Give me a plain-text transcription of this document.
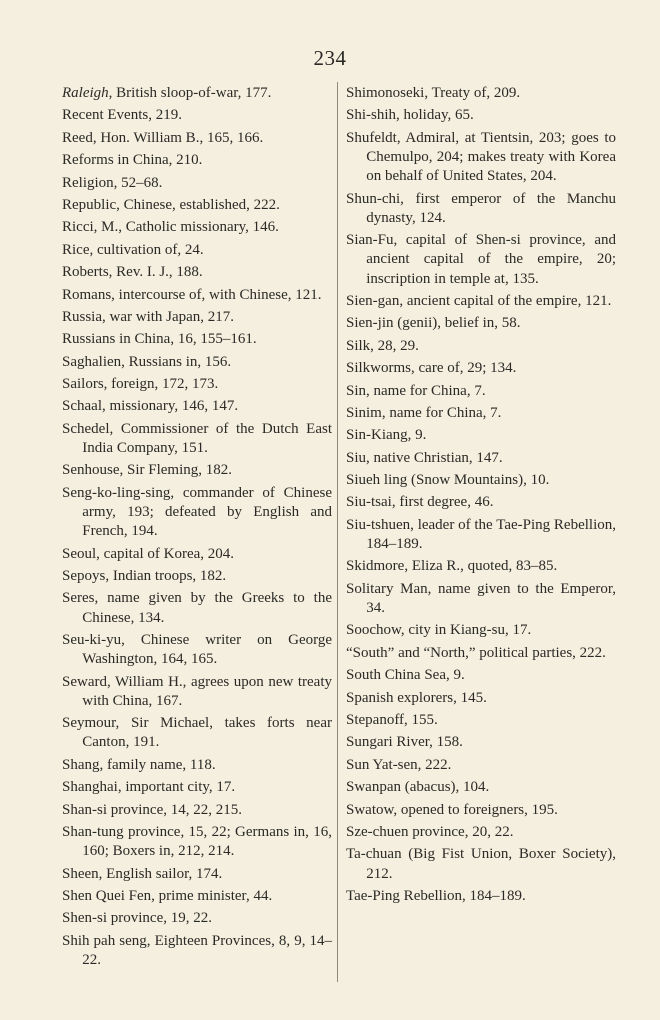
234

Raleigh, British sloop-of-war, 177.

Recent Events, 219.

Reed, Hon. William B., 165, 166.

Reforms in China, 210.

Religion, 52–68.

Republic, Chinese, established, 222.

Ricci, M., Catholic missionary, 146.

Rice, cultivation of, 24.

Roberts, Rev. I. J., 188.

Romans, intercourse of, with Chinese, 121.

Russia, war with Japan, 217.

Russians in China, 16, 155–161.

Saghalien, Russians in, 156.

Sailors, foreign, 172, 173.

Schaal, missionary, 146, 147.

Schedel, Commissioner of the Dutch East India Company, 151.

Senhouse, Sir Fleming, 182.

Seng-ko-ling-sing, commander of Chinese army, 193; defeated by English and French, 194.

Seoul, capital of Korea, 204.

Sepoys, Indian troops, 182.

Seres, name given by the Greeks to the Chinese, 134.

Seu-ki-yu, Chinese writer on George Washington, 164, 165.

Seward, William H., agrees upon new treaty with China, 167.

Seymour, Sir Michael, takes forts near Canton, 191.

Shang, family name, 118.

Shanghai, important city, 17.

Shan-si province, 14, 22, 215.

Shan-tung province, 15, 22; Germans in, 16, 160; Boxers in, 212, 214.

Sheen, English sailor, 174.

Shen Quei Fen, prime minister, 44.

Shen-si province, 19, 22.

Shih pah seng, Eighteen Provinces, 8, 9, 14–22.

Shimonoseki, Treaty of, 209.

Shi-shih, holiday, 65.

Shufeldt, Admiral, at Tientsin, 203; goes to Chemulpo, 204; makes treaty with Korea on behalf of United States, 204.

Shun-chi, first emperor of the Manchu dynasty, 124.

Sian-Fu, capital of Shen-si province, and ancient capital of the empire, 20; inscription in temple at, 135.

Sien-gan, ancient capital of the empire, 121.

Sien-jin (genii), belief in, 58.

Silk, 28, 29.

Silkworms, care of, 29; 134.

Sin, name for China, 7.

Sinim, name for China, 7.

Sin-Kiang, 9.

Siu, native Christian, 147.

Siueh ling (Snow Mountains), 10.

Siu-tsai, first degree, 46.

Siu-tshuen, leader of the Tae-Ping Rebellion, 184–189.

Skidmore, Eliza R., quoted, 83–85.

Solitary Man, name given to the Emperor, 34.

Soochow, city in Kiang-su, 17.

“South” and “North,” political parties, 222.

South China Sea, 9.

Spanish explorers, 145.

Stepanoff, 155.

Sungari River, 158.

Sun Yat-sen, 222.

Swanpan (abacus), 104.

Swatow, opened to foreigners, 195.

Sze-chuen province, 20, 22.

Ta-chuan (Big Fist Union, Boxer Society), 212.

Tae-Ping Rebellion, 184–189.
